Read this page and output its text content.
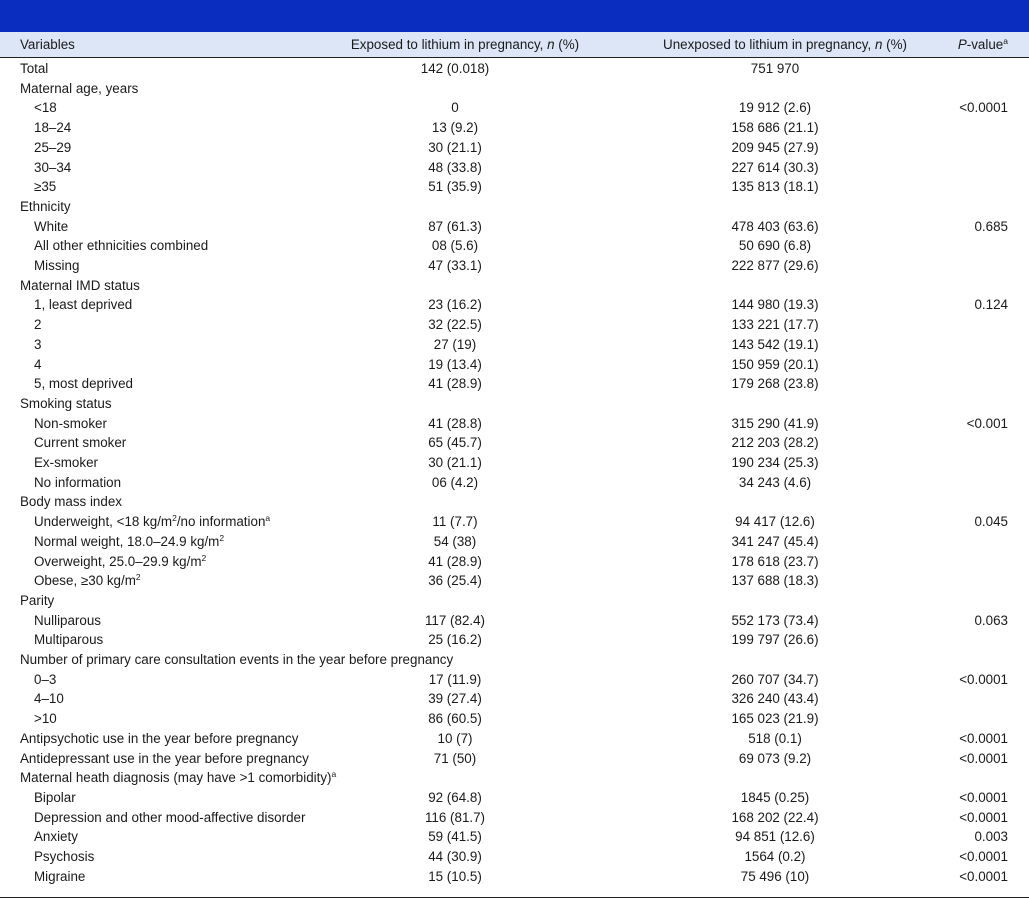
Variables	Exposed to lithium in pregnancy, n (%)	Unexposed to lithium in pregnancy, n (%)	P-value$^a$
Total	142 (0.018)	751 970
Maternal age, years
<18	0	19 912 (2.6)	<0.0001
18–24	13 (9.2)	158 686 (21.1)
25–29	30 (21.1)	209 945 (27.9)
30–34	48 (33.8)	227 614 (30.3)
≥35	51 (35.9)	135 813 (18.1)
Ethnicity
White	87 (61.3)	478 403 (63.6)	0.685
All other ethnicities combined	08 (5.6)	50 690 (6.8)
Missing	47 (33.1)	222 877 (29.6)
Maternal IMD status
1, least deprived	23 (16.2)	144 980 (19.3)	0.124
2	32 (22.5)	133 221 (17.7)
3	27 (19)	143 542 (19.1)
4	19 (13.4)	150 959 (20.1)
5, most deprived	41 (28.9)	179 268 (23.8)
Smoking status
Non-smoker	41 (28.8)	315 290 (41.9)	<0.001
Current smoker	65 (45.7)	212 203 (28.2)
Ex-smoker	30 (21.1)	190 234 (25.3)
No information	06 (4.2)	34 243 (4.6)
Body mass index
Underweight, <18 $kg/m^2/no$ information$^a$	11 (7.7)	94 417 (12.6)	0.045
Normal weight, 18.0–24.9 $kg/m^2$	54 (38)	341 247 (45.4)
Overweight, 25.0–29.9 $kg/m^2$	41 (28.9)	178 618 (23.7)
Obese, ≥30 $kg/m^2$	36 (25.4)	137 688 (18.3)
Parity
Nulliparous	117 (82.4)	552 173 (73.4)	0.063
Multiparous	25 (16.2)	199 797 (26.6)
Number of primary care consultation events in the year before pregnancy
0–3	17 (11.9)	260 707 (34.7)	<0.0001
4–10	39 (27.4)	326 240 (43.4)
>10	86 (60.5)	165 023 (21.9)
Antipsychotic use in the year before pregnancy	10 (7)	518 (0.1)	<0.0001
Antidepressant use in the year before pregnancy	71 (50)	69 073 (9.2)	<0.0001
Maternal heath diagnosis (may have >1 comorbidity)$^a$
Bipolar	92 (64.8)	1845 (0.25)	<0.0001
Depression and other mood-affective disorder	116 (81.7)	168 202 (22.4)	<0.0001
Anxiety	59 (41.5)	94 851 (12.6)	0.003
Psychosis	44 (30.9)	1564 (0.2)	<0.0001
Migraine	15 (10.5)	75 496 (10)	<0.0001
